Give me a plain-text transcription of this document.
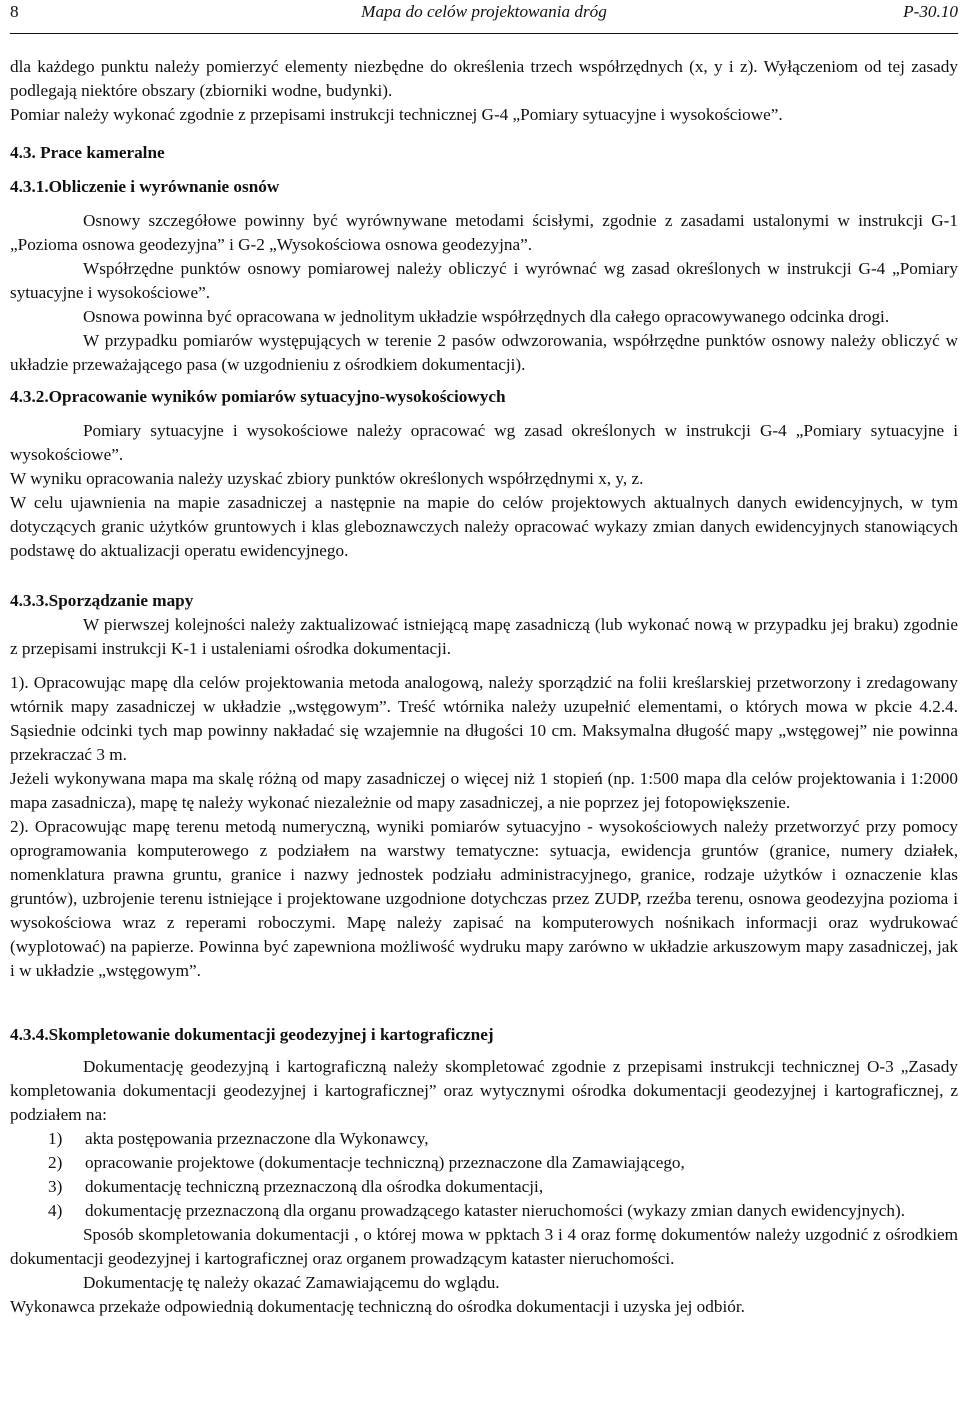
8	Mapa do celów projektowania dróg	P-30.10

dla każdego punktu należy pomierzyć elementy niezbędne do określenia trzech współrzędnych (x, y i z). Wyłączeniom od tej zasady podlegają niektóre obszary (zbiorniki wodne, budynki).

Pomiar należy wykonać zgodnie z przepisami instrukcji technicznej G-4 „Pomiary sytuacyjne i wysokościowe”.

4.3. Prace kameralne

4.3.1.Obliczenie i wyrównanie osnów

Osnowy szczegółowe powinny być wyrównywane metodami ścisłymi, zgodnie z zasadami ustalonymi w instrukcji G-1 „Pozioma osnowa geodezyjna” i G-2 „Wysokościowa osnowa geodezyjna”.

Współrzędne punktów osnowy pomiarowej należy obliczyć i wyrównać wg zasad określonych w instrukcji G-4 „Pomiary sytuacyjne i wysokościowe”.

Osnowa powinna być opracowana w jednolitym układzie współrzędnych dla całego opracowywanego odcinka drogi.

W przypadku pomiarów występujących w terenie 2 pasów odwzorowania, współrzędne punktów osnowy należy obliczyć w układzie przeważającego pasa (w uzgodnieniu z ośrodkiem dokumentacji).

4.3.2.Opracowanie wyników pomiarów sytuacyjno-wysokościowych

Pomiary sytuacyjne i wysokościowe należy opracować wg zasad określonych w instrukcji G-4 „Pomiary sytuacyjne i wysokościowe”.

W wyniku opracowania należy uzyskać zbiory punktów określonych współrzędnymi x, y, z.

W celu ujawnienia na mapie zasadniczej a następnie na mapie do celów projektowych aktualnych danych ewidencyjnych, w tym dotyczących granic użytków gruntowych i klas gleboznawczych należy opracować wykazy zmian danych ewidencyjnych stanowiących podstawę do aktualizacji operatu ewidencyjnego.

4.3.3.Sporządzanie mapy

W pierwszej kolejności należy zaktualizować istniejącą mapę zasadniczą (lub wykonać nową w przypadku jej braku) zgodnie z przepisami instrukcji K-1 i ustaleniami ośrodka dokumentacji.

1). Opracowując mapę dla celów projektowania metoda analogową, należy sporządzić na folii kreślarskiej przetworzony i zredagowany wtórnik mapy zasadniczej w układzie „wstęgowym”. Treść wtórnika należy uzupełnić elementami, o których mowa w pkcie 4.2.4. Sąsiednie odcinki tych map powinny nakładać się wzajemnie na długości 10 cm. Maksymalna długość mapy „wstęgowej” nie powinna przekraczać 3 m.

Jeżeli wykonywana mapa ma skalę różną od mapy zasadniczej o więcej niż 1 stopień (np. 1:500 mapa dla celów projektowania i 1:2000 mapa zasadnicza), mapę tę należy wykonać niezależnie od mapy zasadniczej, a nie poprzez jej fotopowiększenie.

2). Opracowując mapę terenu metodą numeryczną, wyniki pomiarów sytuacyjno - wysokościowych należy przetworzyć przy pomocy oprogramowania komputerowego z podziałem na warstwy tematyczne: sytuacja, ewidencja gruntów (granice, numery działek, nomenklatura prawna gruntu, granice i nazwy jednostek podziału administracyjnego, granice, rodzaje użytków i oznaczenie klas gruntów), uzbrojenie terenu istniejące i projektowane uzgodnione dotychczas przez ZUDP, rzeźba terenu, osnowa geodezyjna pozioma i wysokościowa wraz z reperami roboczymi. Mapę należy zapisać na komputerowych nośnikach informacji oraz wydrukować (wyplotować) na papierze. Powinna być zapewniona możliwość wydruku mapy zarówno w układzie arkuszowym mapy zasadniczej, jak i w układzie „wstęgowym”.

4.3.4.Skompletowanie dokumentacji geodezyjnej i kartograficznej

Dokumentację geodezyjną i kartograficzną należy skompletować zgodnie z przepisami instrukcji technicznej O-3 „Zasady kompletowania dokumentacji geodezyjnej i kartograficznej” oraz wytycznymi ośrodka dokumentacji geodezyjnej i kartograficznej, z podziałem na:

1) akta postępowania przeznaczone dla Wykonawcy,
2) opracowanie projektowe (dokumentacje techniczną) przeznaczone dla Zamawiającego,
3) dokumentację techniczną przeznaczoną dla ośrodka dokumentacji,
4) dokumentację przeznaczoną dla organu prowadzącego kataster nieruchomości (wykazy zmian danych ewidencyjnych).

Sposób skompletowania dokumentacji , o której mowa w ppktach 3 i 4 oraz formę dokumentów należy uzgodnić z ośrodkiem dokumentacji geodezyjnej i kartograficznej oraz organem prowadzącym kataster nieruchomości.

Dokumentację tę należy okazać Zamawiającemu do wglądu.

Wykonawca przekaże odpowiednią dokumentację techniczną do ośrodka dokumentacji i uzyska jej odbiór.
